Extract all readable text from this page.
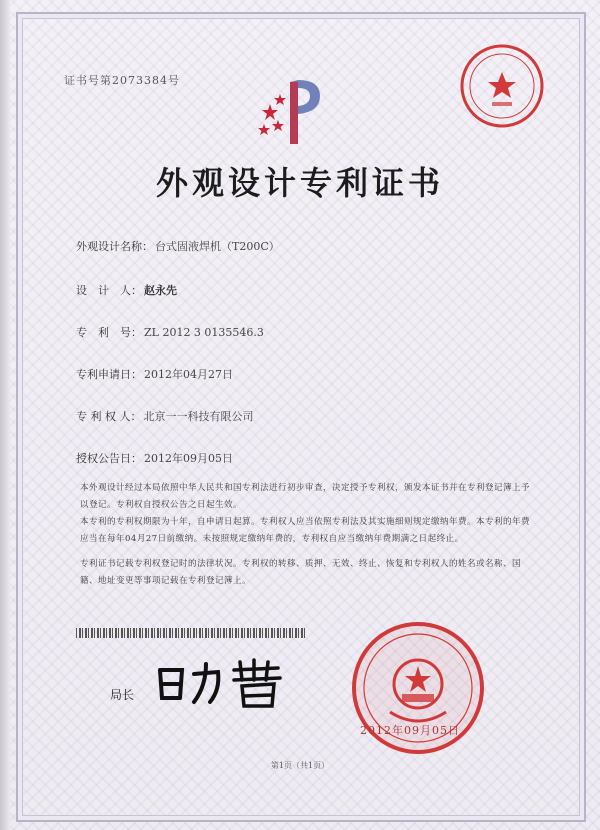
证书号第2073384号
外观设计专利证书
外观设计名称： 台式固液焊机（T200C）
设　计　人： 赵永先
专　利　号： ZL 2012 3 0135546.3
专利申请日： 2012年04月27日
专 利 权 人： 北京一一科技有限公司
授权公告日： 2012年09月05日
本外观设计经过本局依照中华人民共和国专利法进行初步审查，决定授予专利权，颁发本证书并在专利登记簿上予以登记。专利权自授权公告之日起生效。
本专利的专利权期限为十年，自申请日起算。专利权人应当依照专利法及其实施细则规定缴纳年费。本专利的年费应当在每年04月27日前缴纳。未按照规定缴纳年费的，专利权自应当缴纳年费期满之日起终止。
专利证书记载专利权登记时的法律状况。专利权的转移、质押、无效、终止、恢复和专利权人的姓名或名称、国籍、地址变更等事项记载在专利登记簿上。
局长
2012年09月05日
第1页（共1页）
